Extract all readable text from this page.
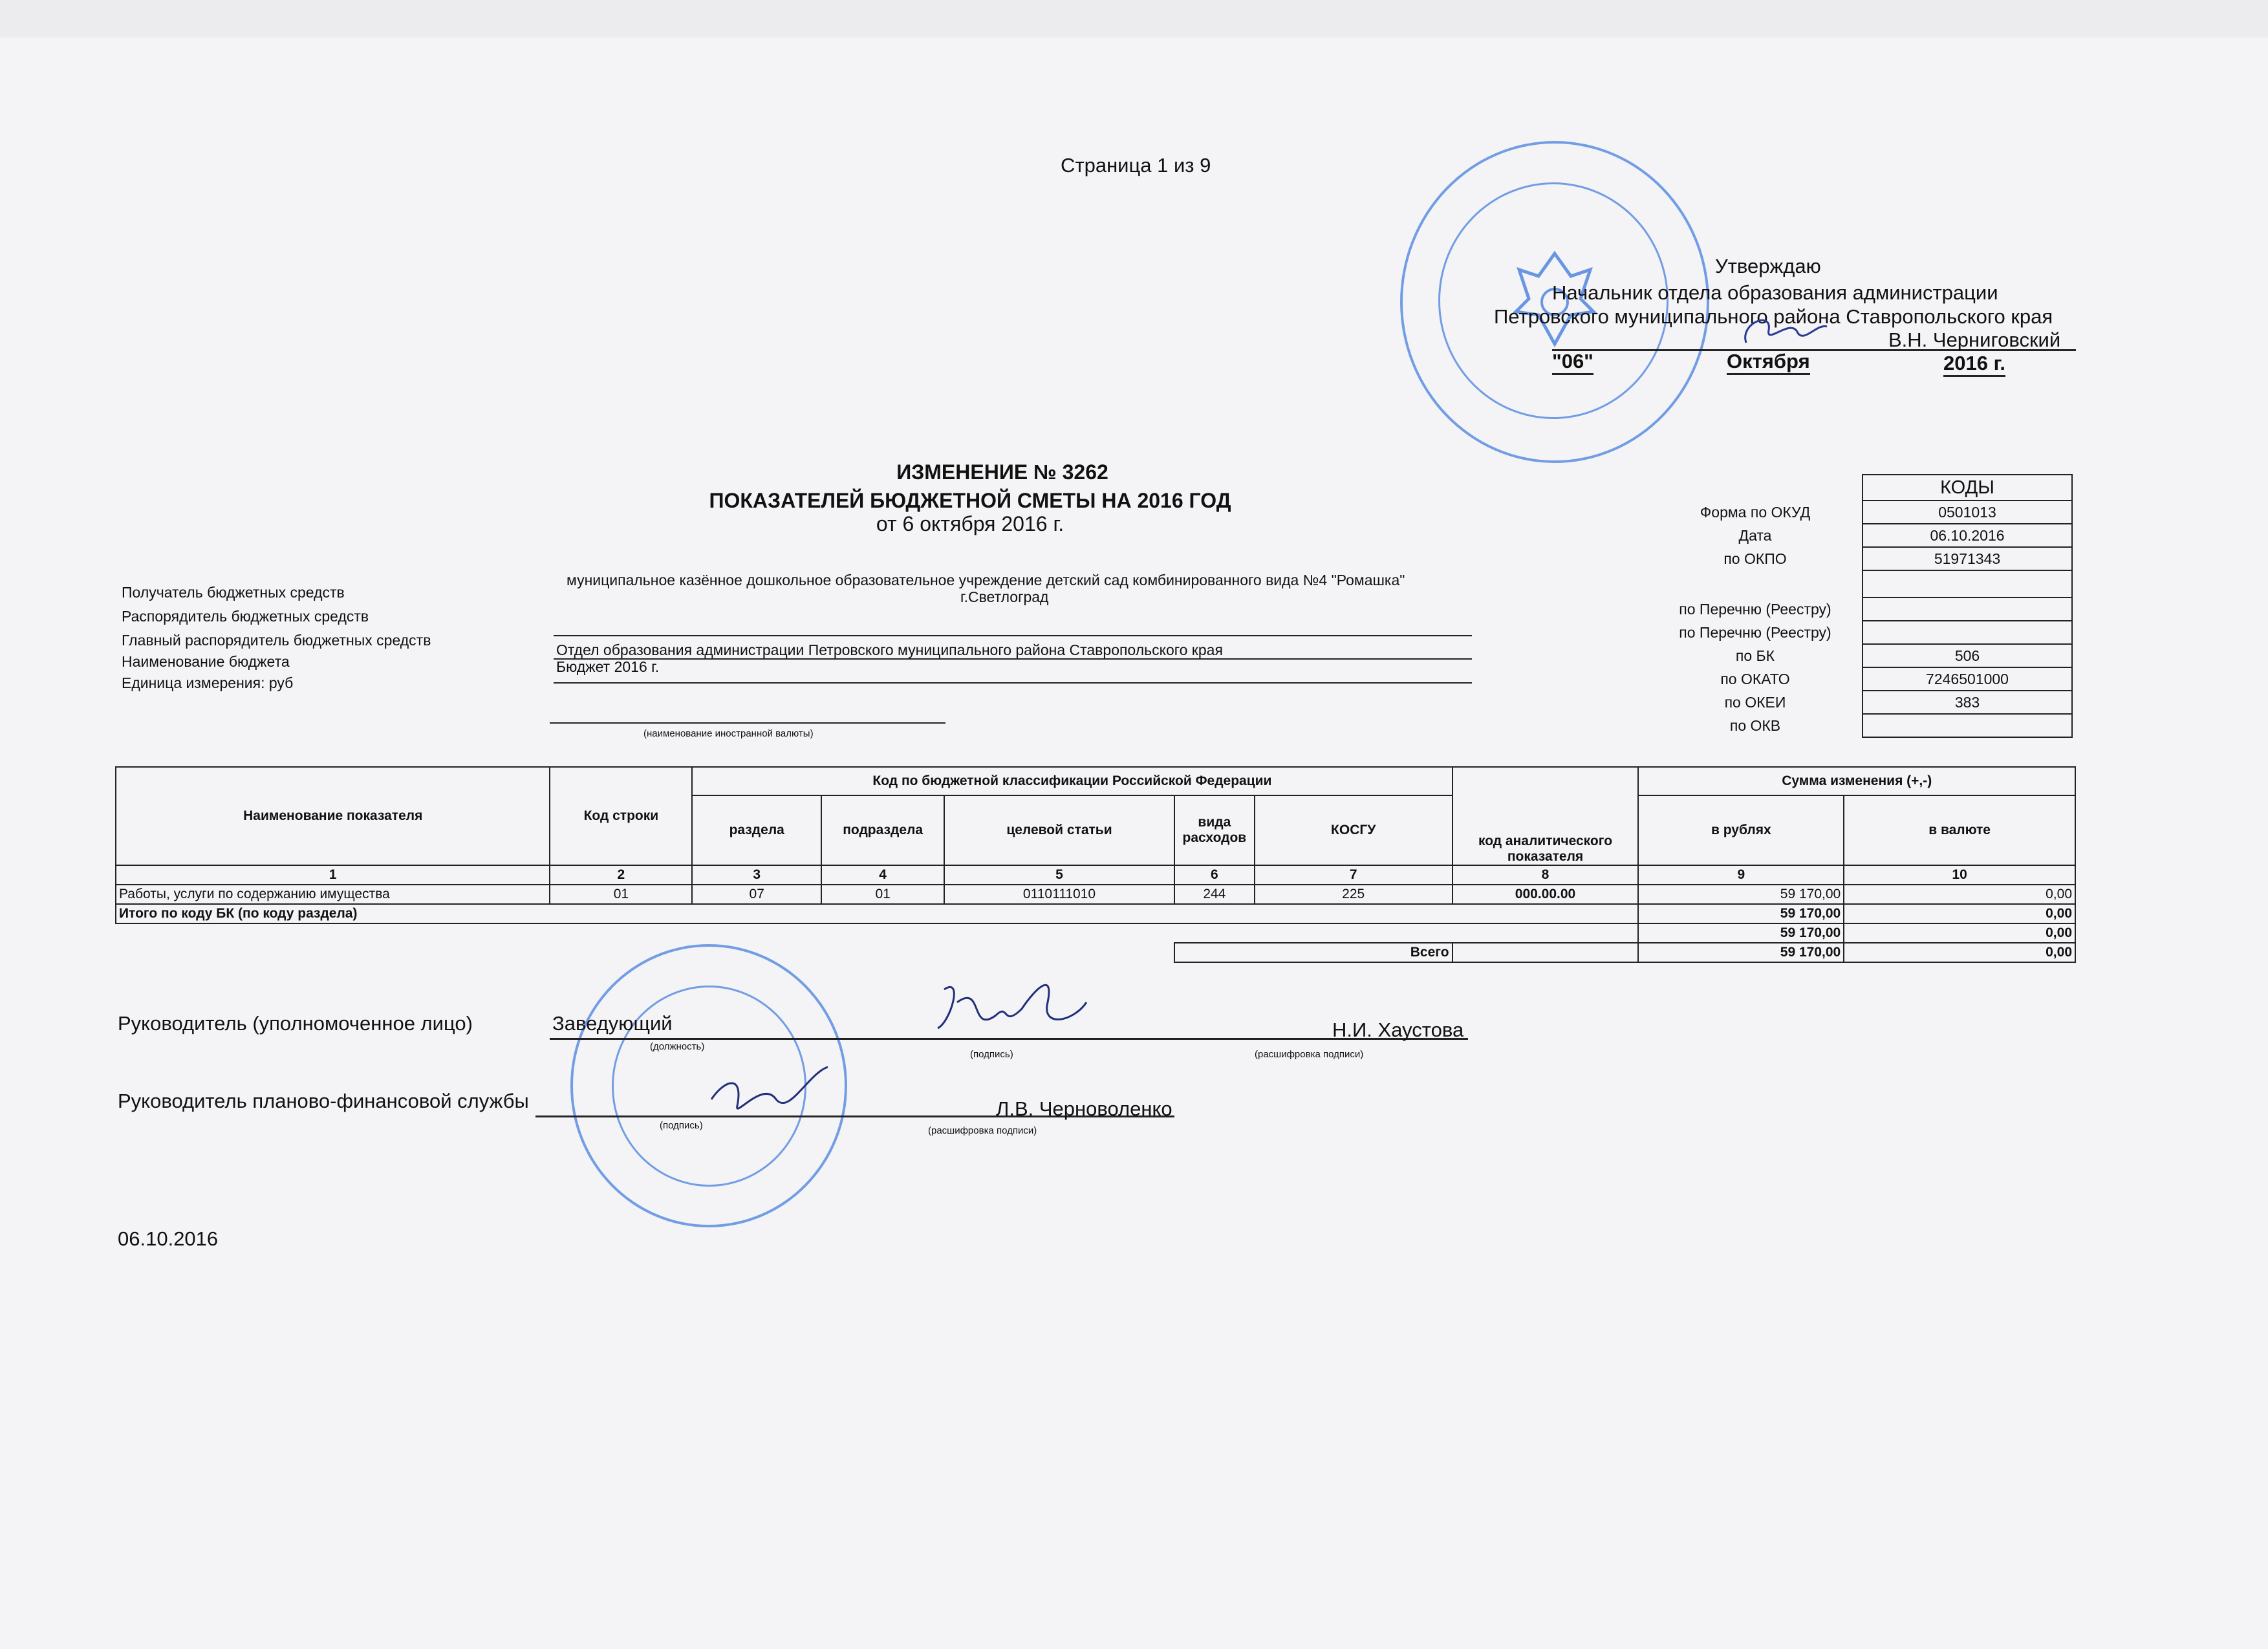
Страница 1 из 9
Утверждаю
Начальник отдела образования администрации
Петровского муниципального района Ставропольского края
В.Н. Черниговский
"06"	Октября	2016 г.
ИЗМЕНЕНИЕ № 3262
ПОКАЗАТЕЛЕЙ БЮДЖЕТНОЙ СМЕТЫ НА 2016 ГОД
от 6 октября 2016 г.
муниципальное казённое дошкольное образовательное учреждение детский сад комбинированного вида №4 "Ромашка"
г.Светлоград
Получатель бюджетных средств
Распорядитель бюджетных средств
Главный распорядитель бюджетных средств
Наименование бюджета
Единица измерения: руб
Отдел образования администрации Петровского муниципального района Ставропольского края
Бюджет 2016 г.
(наименование иностранной валюты)
	КОДЫ
Форма по ОКУД	0501013
Дата	06.10.2016
по ОКПО	51971343

по Перечню (Реестру)	
по Перечню (Реестру)	
по БК	506
по ОКАТО	7246501000
по ОКЕИ	383
по ОКВ	
Наименование показателя	Код строки	Код по бюджетной классификации Российской Федерации					код аналитического показателя	Сумма изменения (+,-)	
		раздела	подраздела	целевой статьи	вида расходов	КОСГУ		в рублях	в валюте
1	2	3	4	5	6	7	8	9	10
Работы, услуги по содержанию имущества	01	07	01	0110111010	244	225	000.00.00	59 170,00	0,00
Итого по коду БК (по коду раздела)								59 170,00	0,00
								59 170,00	0,00
					Всего			59 170,00	0,00
Руководитель (уполномоченное лицо)	Заведующий	Н.И. Хаустова
(должность)
(подпись)	(расшифровка подписи)
Руководитель планово-финансовой службы	Л.В. Черноволенко
(подпись)	(расшифровка подписи)
06.10.2016
